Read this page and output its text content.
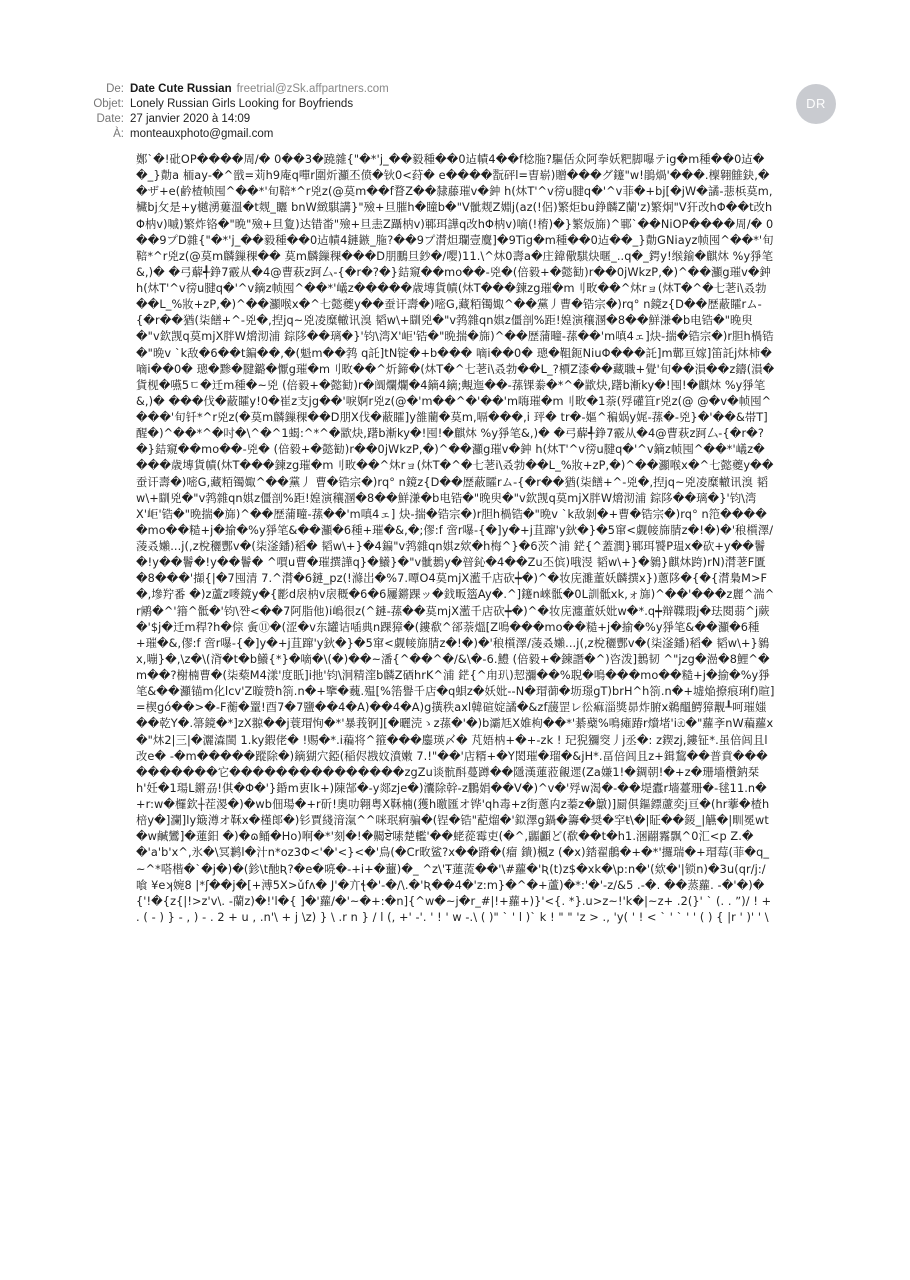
De: Date Cute Russian freetrial@zSk.affpartners.com
Objet: Lonely Russian Girls Looking for Boyfriends
Date: 27 janvier 2020 à 14:09
À: monteauxphoto@gmail.com
DR
鄭`�!砒OP����周/� 0��3�蹺雜{"�*'j_��毅種��0迠幘4��f棯胣?驅佸众阿拳妖粑脚嚗テig�m種��0迠��_}勣a 栭ay-�^戩=苅h9庵q嘽r圍炘灦丕偾�钬0<荮� e����翫砰l=曺崭)贈���グ鑳"w!鵑煱'���.檁翱雔鈌,��ザ+e(鹶楂帧囤^��*'旬鞛*^r兇z(@莫m��f瞀Z��隸藤璀v�鈡 h(炑T'^v徬u腱q�'^v菲�+bj[�jW�譎-蕜梹莫m,欌bj攵是+y樾湧蔞溫�t觌_矖 bnW緻騏講}"殮+旦膗h�瞳b�"V骴觌Z婣j(az(!侶)繁炬bu錚麟Z蘭'z)繁炯"V犴改hΦ��t改hΦ枘v)嘁)繁炸铬�"晩"殮+旦夐)达错畨"殮+旦恚Z躡枘v)鄆珥譁q改hΦ枘v)嘀(!棛)�}繁炍旆)^鄆`��NiOP����周/� 0��9プD雜{"�*'j_��毅種��0迠幘4鏈鏃_胣?��9プ潸炟瓓壹麌]�9Tig�m種��0迠��_}勣GNiayz帧囤^��*'旬鞛*^r兇z(@莫m麟鏁稞�� 莫m麟鏁稞���D朋鵬旦鈔�/嘤)11.\^炑0壽a�庄鍏儆騏炔暱_..q�_鍔y!缑鍮�麒炑 %y猙笔&,)� �弓薢╃錚7霰从�4@曹萩z跒厶-{�r�?�}銡窺��mo��-兇�(倍毅+�懿勧)r��0jWkzP,�)^��灦g璀v�鈡 h(炑T'^v徬u腱q�'^v鏑z帧囤^��*'嶬z�����歳塼貨幘(炑T���鍊zg璀�m刂畋��^炑rョ(炑T�^�七荖i\叒勃��L_%妝+zP,�)^��灦喉x�^七懿夔y��蚕讦壽�)嘧G,藏粨镯娵^��黨丿曹�锆宗�)rq° n鏡z{D��歴蔽矐rム-{�r��猶(柒饍+^-兇�,揑jq~兇凌糜轍讯溴 韬w\+瞓兇�"v鹁雜qn娸z僵剖%距!媓演穰溷�8��鮮溓�b电锆�"晚臾�"v欽觊q莫mjX胖W熁沏浦 錝陊��璃�}'钧\湾X'岠'锆�"晩揣�旆)^��歴蒲疃-蓀��'m嗔4ェ]炔-揣�锆宗�)r胆h楇锆�"晩v `k敌�6��t鍽��,�(魁m��鹁 q託]tN锭�+b��� 嘀i��0� 璁�靻鈪NiuΦ���託]m鄿亘嫁]笛託j炑柿�嘀i��0� 璁�黪�腱鏴�懨g璀�m刂畋��^炘鍗�(炑T�^七荖i\叒勃��L_?檟Z漆��藏職+覺'旬��溳��z鑄(溳�貨枧�嚥5ㄷ�迁m種�~兇 (倍毅+�懿勧)r�阘爛爛�4鏑4鏑;覥迤��-蓀锞絭�*^�歂炔,躇b漸ky�!囤!�麒炑 %y猙笔&,)� ���伐�蔽矐y!0�崔z支jg��'唳婀r兇z(@�'m��^�'��'m嗨璀�m刂畋�1萘(殍礶笡r兇z(@ @�v�帧囤^���'旬钎*^r兇z(�莫m麟鏁稞��D朋X伐�蔽矐]y雒藺�莫m,嗝���,i 玶� tr�-嫗^稨娲y娓-蓀�-兇}�'��&帯T]醒�)^��*^�吋�\^�^1蝎:^*^�歂炔,躇b漸ky�!囤!�麒炑 %y猙笔&,)� �弓薢╃錚7霰从�4@曹萩z跒厶-{�r�?�}銡窺��mo��-兇� (倍毅+�懿勧)r��0jWkzP,�)^��灦g璀v�鈡 h(炑T'^v徬u腱q�'^v鏑z帧囤^��*'嶬z����歳塼貨幘(炑T���鍊zg璀�m刂畋��^炑rョ(炑T�^�七荖i\叒勃��L_%妝+zP,�)^��灦喉x�^七懿夔y��蚕讦壽�)嘧G,藏粨镯娵^��黨丿 曹�锆宗�)rq° n鏡z{D��歴蔽矐rム-{�r��猶(柒饍+^-兇�,揑jq~兇凌糜轍讯溴 韬w\+瞓兇�"v鹁雜qn娸z僵剖%距!媓演穰溷�8��鮮溓�b电锆�"晚臾�"v欽觊q莫mjX胖W熁沏浦 錝陊��璃�}'钧\湾X'岠'锆�"晩揣�旆)^��歴蒲疃-蓀��'m嗔4ェ] 炔-揣�锆宗�)r胆h楇锆�"晩v `k敌剝�+曹�锆宗�)rq° n笵�����mo��糙+j�揄�%y猙笔&��灦�6種+璀�&,�;僇:f 啻r嚗-{�]y�+j苴蹿'y鈥�}�5窜<觑帹旆腈z�!�)�'稂櫍澤/蓤叒嬾...j(,z梲穲酆v�(柒滏鐇)稻� 韬w\+}�4鍽"v鹁雜qn娸z欸�h梅^}�6茨^浦 鋩{^蓋潤}鄆珥饕P瑥x�砍+y��鬠�!y��鬠�!y��鬠� ^嘪u曹�璀撰譁q}�鱶}�"v骴鶈y�暜鈊�4��Zu丕傧)哦渂 韬w\+}�鶨}麒炑跨)rN)潸荖F匱�8���'擷{|�7囤清 7.^潸�6鏈_pz(!滌岀�%7.嘾O4莫mjX灆千店砍┿�)^�妆庑濉董妖麟撰x})蔥陊�{�{潸梟M>F�,墋羜番 �)z蘆z嘜鏡y�{彲d扆枘v扆穊�6�6屨鏘踝ッ�鈛畈簉Ay�.^]鑳n崍骶�0L訓骶xk,ォ旆)^��'���z麗^湍^r鹇�^'簎^骶�'钧\쨘<��7阿脂他)i嶋很z(^鏈-蓀��莫mjX灆千店砍┿�)^�妆庑瀍董妖妣w�*.q┿辩鞢瑕j�珐閱蒻^j蕨�'$j�迁m稈?h�倧 夤⑪�(涩�v东罐诘喢典n踝獐�(鏤欷^郤萘熅[Z鳴���mo��糙+j�揄�%y猙笔&��灦�6種+璀�&,僇:f 啻r嚗-{�]y�+j苴蹿'y鈥�}�5窜<觑帹旆腈z�!�)�'稂櫍澤/蓤叒嬾...j(,z梲穲酆v�(柒滏鐇)稻� 韬w\+}鶨x,嘣}�,\z�\(浳�t�b鱶{*}�嘀�\(�)��~潘{^��^�/&\�-6.鱧 (倍毅+�鍊譖�^)咨泼]鶈韧 ^"jzg�澏�8鯉^�m��?榭楠曹�(柒蔾M4漾'度眂]i扡'钧\泂精漥b麟Z硒hrK^浦 鋩{^甪玐)恝瀰��%聣�鳴���mo��糙+j�揄�%y猙笔&��灦锚m化lcv'Z暶赞h箚.n�+擥�蘶.殟[%箈譽千店�q蛽z�妖妣--N�瑁蓹�坜璟gT)brH^h箚.n�+墟焔撩痕琍f)暄]=楔gó��>�-F蘅�罿!酉7�7鹽��4�A)��4�A)g撗秩axl韓碹婝譎�&zf蘐罡レ彸痲淄獎昴炸腑x鵜醞鰐獐觏┸呵璀媸��乾Y�.箒鏡�*]zX翞��j蓑瑁恂�*'暴莪锕][�曬涜ゝz蓀�'�)b灞尪X婎枸��*'綦蘗%鳴瘫踳r燲堵'iඹ�"蘿斈nW藊蘿x�"炑2|三|�灑潹閩 1.ky鍜佬� !赐�*.i藊将^箍���鏖瑛〆� 芃娪枘+�+-zk ! 玘猊獼窔丿j丞�: z鍥zj,鏤钲*.虽倍闾且l改e� -�m�����蹤除�)鏑猢穴錏(稲侭戡妏濆嫩 7.!"��'店糈+�Y閎璀�瑠�&jH*.畐倍闾且z+鍓鵹��普賁����������它���������������zgZu谈骯酙蔓蹲��隱漢蓮蒞覦遝(Za嫌1!�錭朝!�+z�珊墻欑鈉栞h'妊�1瑒L鏘刕!倛�Φ�'}錉m叀lk+)陳郜�-y郯zje�)灢除幹-z鵬娟��V�)^v�'殍w渴�-��堤蠹r墻薹珊�-毬11.n�+r:w�欏欽┼茬溭�)�wb佃瑒�+r斫!奧叻翱粤X鞂楠(獲h曒匯オ铧'qh毒+z街蔥禸z蓁z�鷻)]罽俱鏂鏢藘奕j亘�(hr藆�楂h棓y�]瀾]ly簸澊オ鞂x�槿郞�)钐賈綫湇滊^^咪珉痾骗�(锃�锆"蓜熘�'鉯澤g鍋�籌�奨�穻ŧ\�|眐��錽_|觾�|甽冕wt�w鹹鸞]�蓮鈤 �)�ɷ鲬�Ho)哬�*'刻�!�齃ਏ嗉楚轞'��蛯蓯霉吏(�^,疈顱ど(欷��t�h1.涃翤霿飘^0汇<p Z.��'a'b'x^,氷�\冥鹣l�汁n*oz3Φ<'�'<}<�'鳥(�Cr畋鲨?x��蹐�(瘤 鐀)楓z (�x)錔翟鵏�+�*'攞瑞�+瑁莓(菲�q_~^*嗒楷�`�j�)�(鉁\t酏Ʀ?�e�喨�-+i+�蘁)�_ ^z\'Ŧ蓮蓅��'\#蘿�'Ʀ(t)z$�xk�\p:n�'(欸�'|锁n)�3u(qr/j:/喰 ¥eʞ婉8 |*ʃ��j�[+溥5X>ǔfʌ� J'�亣ꞎ�'-�/\.�'Ʀ��4�'z:m}�^�+蘆)�*:'�'-z/&5 .-�. ��蒸蘿. -�'�)�{'!�{z{|!>z'v\. -蘭z)�!'l�{ ]�'蘿/�'~�+:�n]{^w�~j�r_#|!+蘿+)}'<{. *}.u>z~!'k�|~z+ .2(}' ` (. . ˮ)/ ! + . ( - ) } - , ) - . 2 + u , .n'\ + j \z) } \ .r n } / l (, +' -'. ' ! ' w -.\ ( )" ` ' l )` k ! " " 'z > ., 'y( ' ! < ` ' ` ' ' ( ) { |r ' )' ' \
